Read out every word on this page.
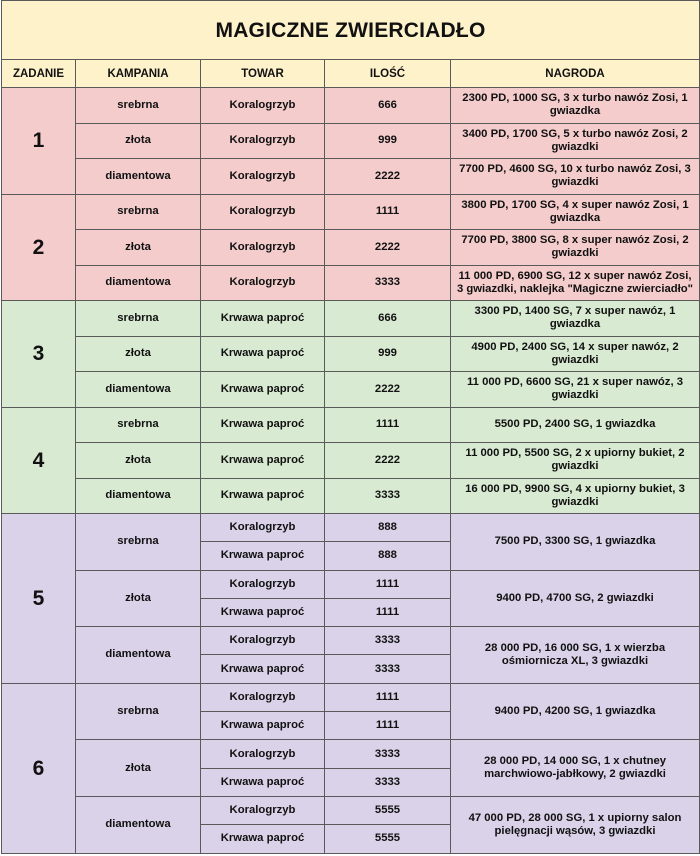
MAGICZNE ZWIERCIADŁO				
ZADANIE	KAMPANIA	TOWAR	ILOŚĆ	NAGRODA
1	srebrna	Koralogrzyb	666	2300 PD, 1000 SG, 3 x turbo nawóz Zosi, 1 gwiazdka
	złota	Koralogrzyb	999	3400 PD, 1700 SG, 5 x turbo nawóz Zosi, 2 gwiazdki
	diamentowa	Koralogrzyb	2222	7700 PD, 4600 SG, 10 x turbo nawóz Zosi, 3 gwiazdki
2	srebrna	Koralogrzyb	1111	3800 PD, 1700 SG, 4 x super nawóz Zosi, 1 gwiazdka
	złota	Koralogrzyb	2222	7700 PD, 3800 SG, 8 x super nawóz Zosi, 2 gwiazdki
	diamentowa	Koralogrzyb	3333	11 000 PD, 6900 SG, 12 x super nawóz Zosi, 3 gwiazdki, naklejka "Magiczne zwierciadło"
3	srebrna	Krwawa paproć	666	3300 PD, 1400 SG, 7 x super nawóz, 1 gwiazdka
	złota	Krwawa paproć	999	4900 PD, 2400 SG, 14 x super nawóz, 2 gwiazdki
	diamentowa	Krwawa paproć	2222	11 000 PD, 6600 SG, 21 x super nawóz, 3 gwiazdki
4	srebrna	Krwawa paproć	1111	5500 PD, 2400 SG, 1 gwiazdka
	złota	Krwawa paproć	2222	11 000 PD, 5500 SG, 2 x upiorny bukiet, 2 gwiazdki
	diamentowa	Krwawa paproć	3333	16 000 PD, 9900 SG, 4 x upiorny bukiet, 3 gwiazdki
5	srebrna	Koralogrzyb	888	7500 PD, 3300 SG, 1 gwiazdka
		Krwawa paproć	888	
	złota	Koralogrzyb	1111	9400 PD, 4700 SG, 2 gwiazdki
		Krwawa paproć	1111	
	diamentowa	Koralogrzyb	3333	28 000 PD, 16 000 SG, 1 x wierzba ośmiornicza XL, 3 gwiazdki
		Krwawa paproć	3333	
6	srebrna	Koralogrzyb	1111	9400 PD, 4200 SG, 1 gwiazdka
		Krwawa paproć	1111	
	złota	Koralogrzyb	3333	28 000 PD, 14 000 SG, 1 x chutney marchwiowo-jabłkowy, 2 gwiazdki
		Krwawa paproć	3333	
	diamentowa	Koralogrzyb	5555	47 000 PD, 28 000 SG, 1 x upiorny salon pielęgnacji wąsów, 3 gwiazdki
		Krwawa paproć	5555	
